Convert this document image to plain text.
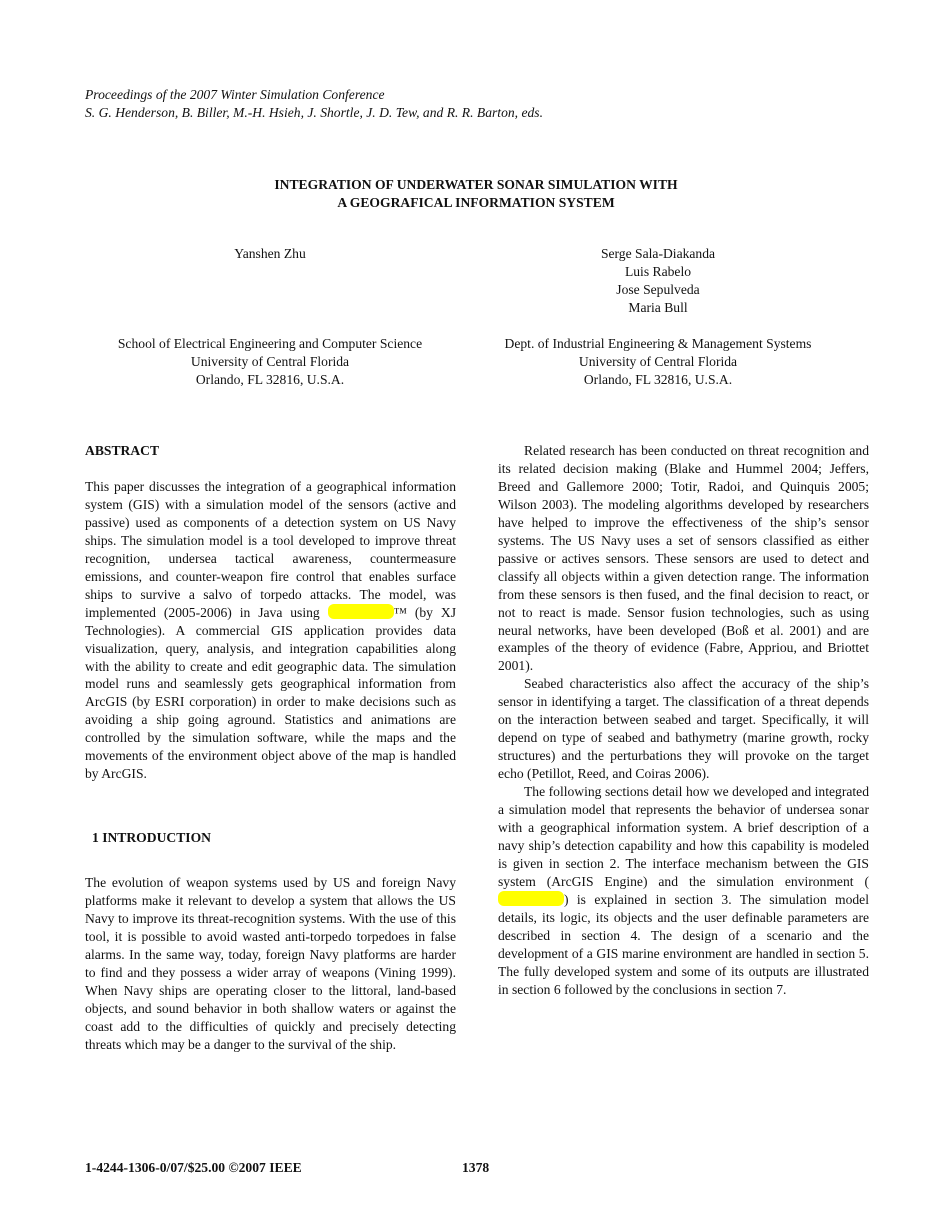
Proceedings of the 2007 Winter Simulation Conference
S. G. Henderson, B. Biller, M.-H. Hsieh, J. Shortle, J. D. Tew, and R. R. Barton, eds.
INTEGRATION OF UNDERWATER SONAR SIMULATION WITH
A GEOGRAFICAL INFORMATION SYSTEM
Yanshen Zhu	Serge Sala-Diakanda
Luis Rabelo
Jose Sepulveda
Maria Bull
School of Electrical Engineering and Computer Science
University of Central Florida
Orlando, FL 32816, U.S.A.
Dept. of Industrial Engineering & Management Systems
University of Central Florida
Orlando, FL 32816, U.S.A.
ABSTRACT

This paper discusses the integration of a geographical information system (GIS) with a simulation model of the sensors (active and passive) used as components of a detection system on US Navy ships. The simulation model is a tool developed to improve threat recognition, undersea tactical awareness, countermeasure emissions, and counter-weapon fire control that enables surface ships to survive a salvo of torpedo attacks. The model, was implemented (2005-2006) in Java using	™ (by XJ Technologies). A commercial GIS application provides data visualization, query, analysis, and integration capabilities along with the ability to create and edit geographic data. The simulation model runs and seamlessly gets geographical information from ArcGIS (by ESRI corporation) in order to make decisions such as avoiding a ship going aground. Statistics and animations are controlled by the simulation software, while the maps and the movements of the environment object above of the map is handled by ArcGIS.

1 INTRODUCTION

The evolution of weapon systems used by US and foreign Navy platforms make it relevant to develop a system that allows the US Navy to improve its threat-recognition systems. With the use of this tool, it is possible to avoid wasted anti-torpedo torpedoes in false alarms. In the same way, today, foreign Navy platforms are harder to find and they possess a wider array of weapons (Vining 1999). When Navy ships are operating closer to the littoral, land-based objects, and sound behavior in both shallow waters or against the coast add to the difficulties of quickly and precisely detecting threats which may be a danger to the survival of the ship.

Related research has been conducted on threat recognition and its related decision making (Blake and Hummel 2004; Jeffers, Breed and Gallemore 2000; Totir, Radoi, and Quinquis 2005; Wilson 2003). The modeling algorithms developed by researchers have helped to improve the effectiveness of the ship’s sensor systems. The US Navy uses a set of sensors classified as either passive or actives sensors. These sensors are used to detect and classify all objects within a given detection range. The information from these sensors is then fused, and the final decision to react, or not to react is made. Sensor fusion technologies, such as using neural networks, have been developed (Boß et al. 2001) and are examples of the theory of evidence (Fabre, Appriou, and Briottet 2001).

Seabed characteristics also affect the accuracy of the ship’s sensor in identifying a target. The classification of a threat depends on the interaction between seabed and target. Specifically, it will depend on type of seabed and bathymetry (marine growth, rocky structures) and the perturbations they will provoke on the target echo (Petillot, Reed, and Coiras 2006).

The following sections detail how we developed and integrated a simulation model that represents the behavior of undersea sonar with a geographical information system. A brief description of a navy ship’s detection capability and how this capability is modeled is given in section 2. The interface mechanism between the GIS system (ArcGIS Engine) and the simulation environment () is explained in section 3. The simulation model details, its logic, its objects and the user definable parameters are described in section 4. The design of a scenario and the development of a GIS marine environment are handled in section 5. The fully developed system and some of its outputs are illustrated in section 6 followed by the conclusions in section 7.

1-4244-1306-0/07/$25.00 ©2007 IEEE	1378
